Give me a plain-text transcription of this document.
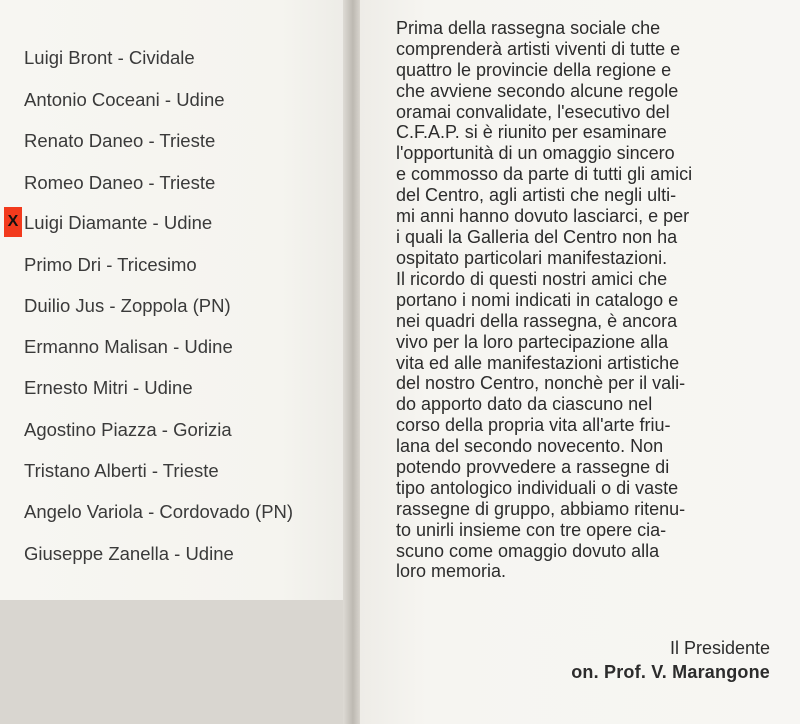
Luigi Bront - Cividale
Antonio Coceani - Udine
Renato Daneo - Trieste
Romeo Daneo - Trieste
Luigi Diamante - Udine
Primo Dri - Tricesimo
Duilio Jus - Zoppola (PN)
Ermanno Malisan - Udine
Ernesto Mitri - Udine
Agostino Piazza - Gorizia
Tristano Alberti - Trieste
Angelo Variola - Cordovado (PN)
Giuseppe Zanella - Udine
X
Prima della rassegna sociale che
comprenderà artisti viventi di tutte e
quattro le provincie della regione e
che avviene secondo alcune regole
oramai convalidate, l'esecutivo del
C.F.A.P. si è riunito per esaminare
l'opportunità di un omaggio sincero
e commosso da parte di tutti gli amici
del Centro, agli artisti che negli ulti-
mi anni hanno dovuto lasciarci, e per
i quali la Galleria del Centro non ha
ospitato particolari manifestazioni.
Il ricordo di questi nostri amici che
portano i nomi indicati in catalogo e
nei quadri della rassegna, è ancora
vivo per la loro partecipazione alla
vita ed alle manifestazioni artistiche
del nostro Centro, nonchè per il vali-
do apporto dato da ciascuno nel
corso della propria vita all'arte friu-
lana del secondo novecento. Non
potendo provvedere a rassegne di
tipo antologico individuali o di vaste
rassegne di gruppo, abbiamo ritenu-
to unirli insieme con tre opere cia-
scuno come omaggio dovuto alla
loro memoria.
Il Presidente
on. Prof. V. Marangone
